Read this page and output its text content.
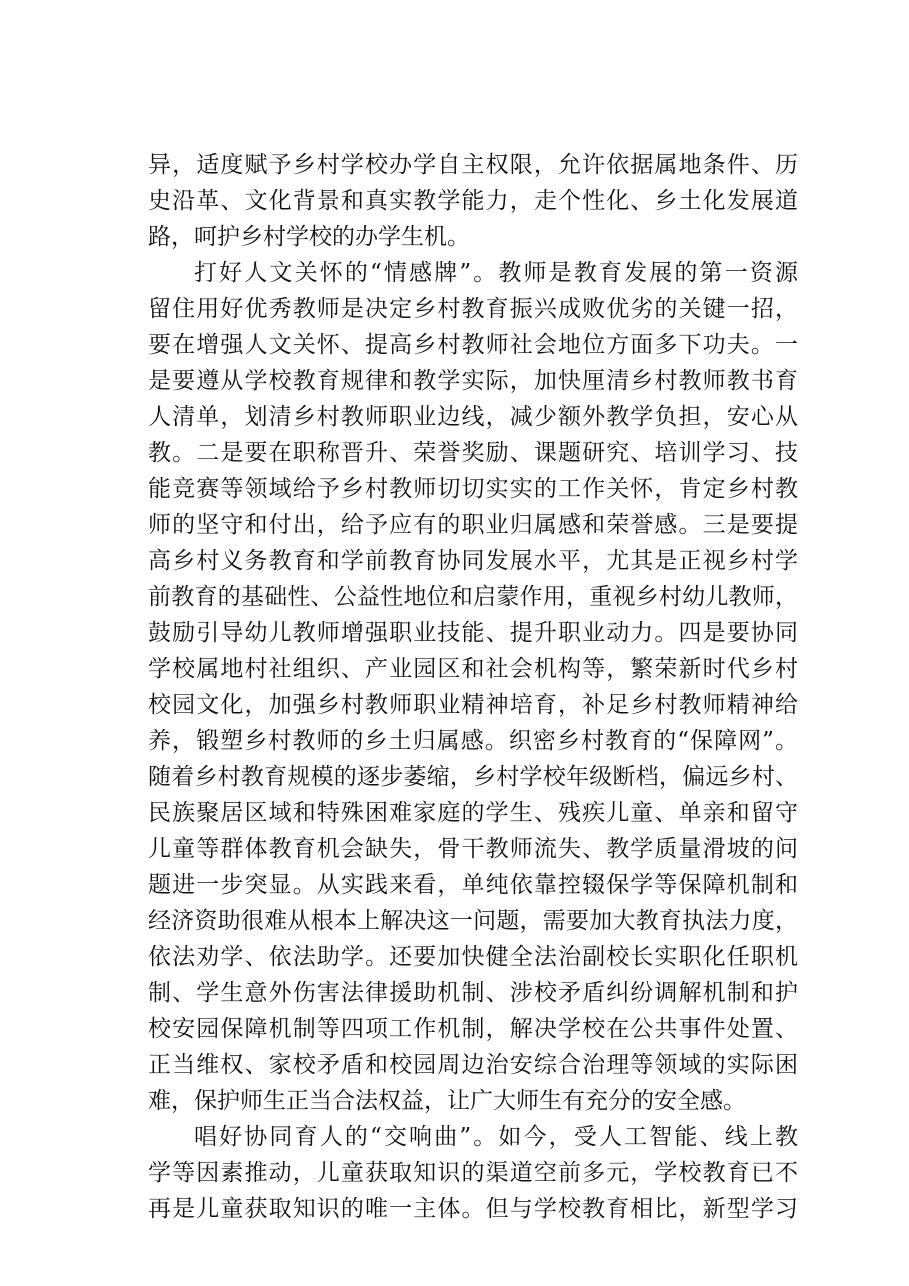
异，适度赋予乡村学校办学自主权限，允许依据属地条件、历
史沿革、文化背景和真实教学能力，走个性化、乡土化发展道
路，呵护乡村学校的办学生机。
打好人文关怀的“情感牌”。教师是教育发展的第一资源
留住用好优秀教师是决定乡村教育振兴成败优劣的关键一招，
要在增强人文关怀、提高乡村教师社会地位方面多下功夫。一
是要遵从学校教育规律和教学实际，加快厘清乡村教师教书育
人清单，划清乡村教师职业边线，减少额外教学负担，安心从
教。二是要在职称晋升、荣誉奖励、课题研究、培训学习、技
能竞赛等领域给予乡村教师切切实实的工作关怀，肯定乡村教
师的坚守和付出，给予应有的职业归属感和荣誉感。三是要提
高乡村义务教育和学前教育协同发展水平，尤其是正视乡村学
前教育的基础性、公益性地位和启蒙作用，重视乡村幼儿教师，
鼓励引导幼儿教师增强职业技能、提升职业动力。四是要协同
学校属地村社组织、产业园区和社会机构等，繁荣新时代乡村
校园文化，加强乡村教师职业精神培育，补足乡村教师精神给
养，锻塑乡村教师的乡土归属感。织密乡村教育的“保障网”。
随着乡村教育规模的逐步萎缩，乡村学校年级断档，偏远乡村、
民族聚居区域和特殊困难家庭的学生、残疾儿童、单亲和留守
儿童等群体教育机会缺失，骨干教师流失、教学质量滑坡的问
题进一步突显。从实践来看，单纯依靠控辍保学等保障机制和
经济资助很难从根本上解决这一问题，需要加大教育执法力度，
依法劝学、依法助学。还要加快健全法治副校长实职化任职机
制、学生意外伤害法律援助机制、涉校矛盾纠纷调解机制和护
校安园保障机制等四项工作机制，解决学校在公共事件处置、
正当维权、家校矛盾和校园周边治安综合治理等领域的实际困
难，保护师生正当合法权益，让广大师生有充分的安全感。
唱好协同育人的“交响曲”。如今，受人工智能、线上教
学等因素推动，儿童获取知识的渠道空前多元，学校教育已不
再是儿童获取知识的唯一主体。但与学校教育相比，新型学习
